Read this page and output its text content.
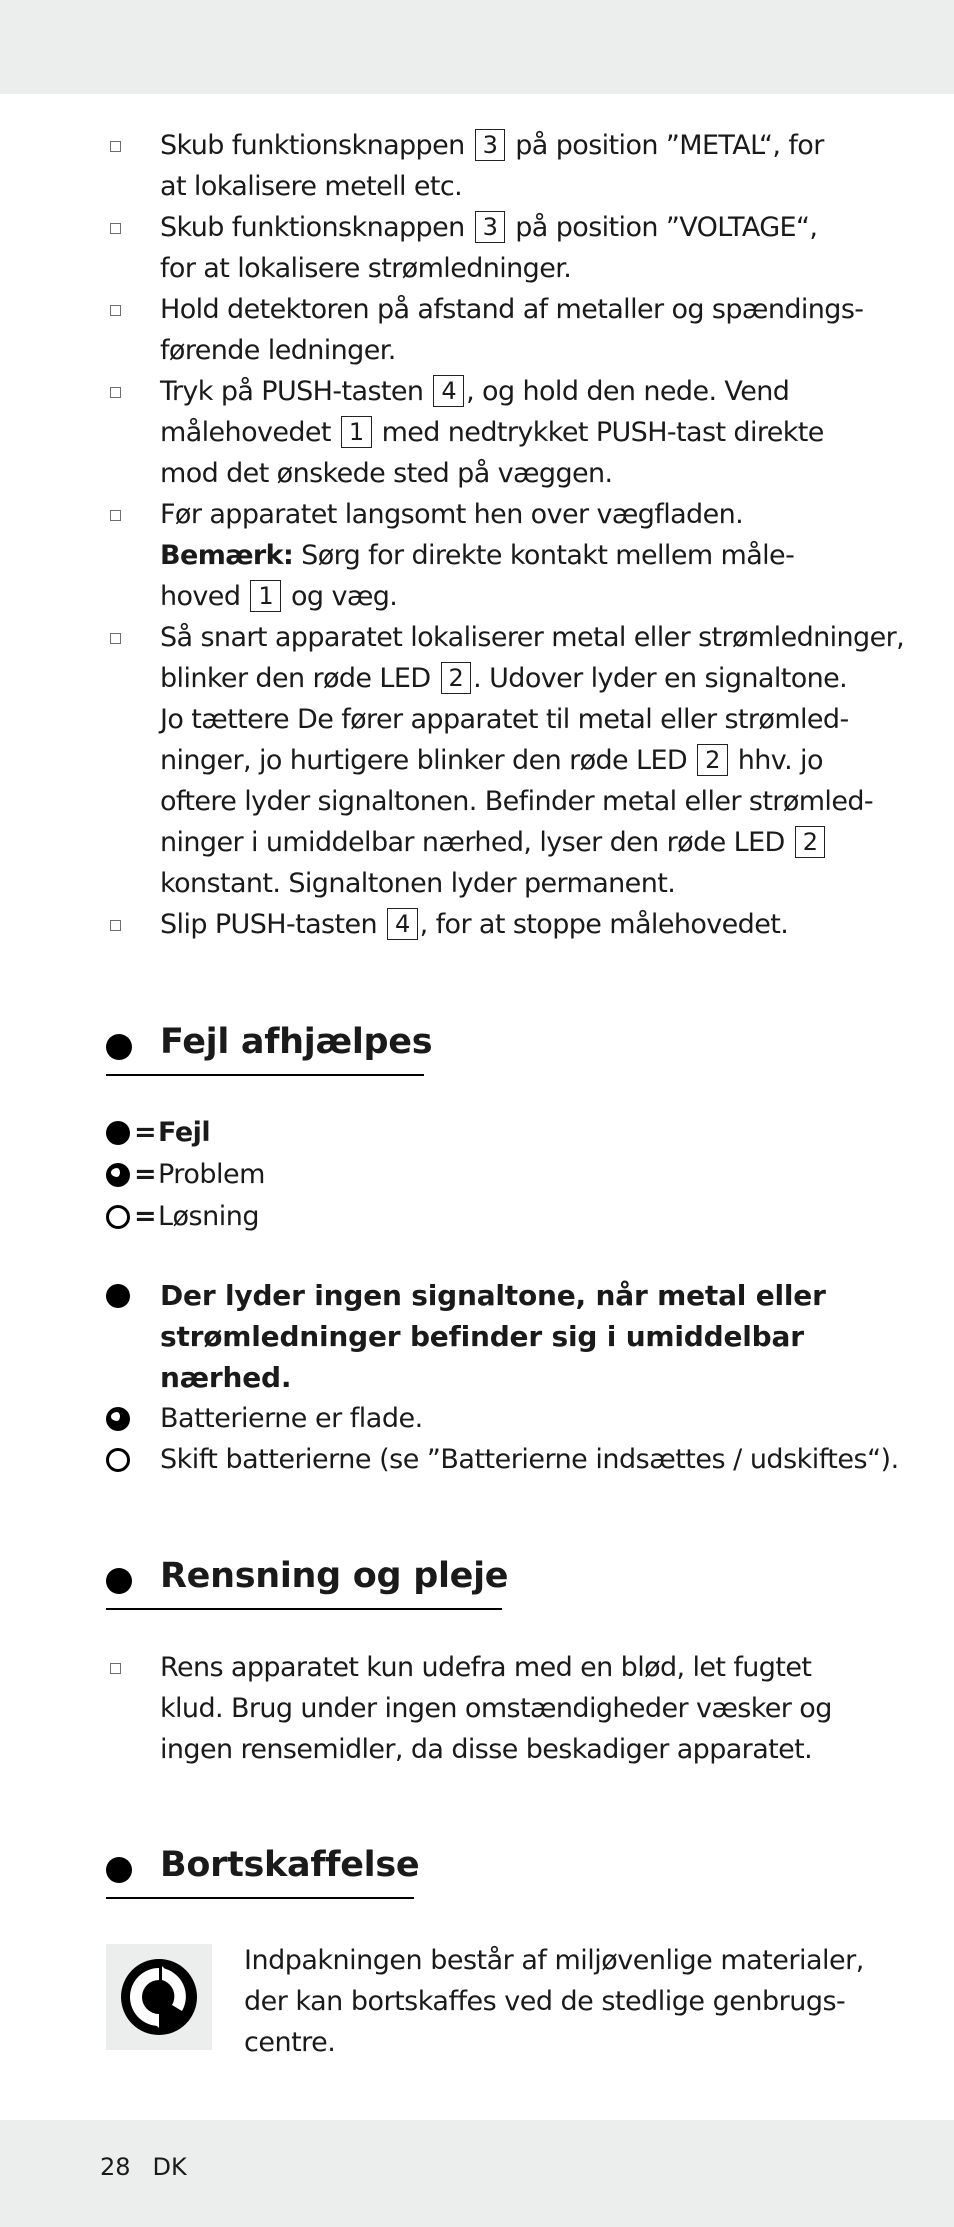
Skub funktionsknappen 3 på position ”METAL“, for
at lokalisere metell etc.
Skub funktionsknappen 3 på position ”VOLTAGE“,
for at lokalisere strømledninger.
Hold detektoren på afstand af metaller og spændings-
førende ledninger.
Tryk på PUSH-tasten 4 , og hold den nede. Vend
målehovedet 1 med nedtrykket PUSH-tast direkte
mod det ønskede sted på væggen.
Før apparatet langsomt hen over vægfladen.
Bemærk: Sørg for direkte kontakt mellem måle-
hoved 1 og væg.
Så snart apparatet lokaliserer metal eller strømledninger,
blinker den røde LED 2 . Udover lyder en signaltone.
Jo tættere De fører apparatet til metal eller strømled-
ninger, jo hurtigere blinker den røde LED 2 hhv. jo
oftere lyder signaltonen. Befinder metal eller strømled-
ninger i umiddelbar nærhed, lyser den røde LED 2
konstant. Signaltonen lyder permanent.
Slip PUSH-tasten 4 , for at stoppe målehovedet.
Fejl afhjælpes
= Fejl
= Problem
= Løsning
Der lyder ingen signaltone, når metal eller
strømledninger befinder sig i umiddelbar
nærhed.
Batterierne er flade.
Skift batterierne (se ”Batterierne indsættes / udskiftes“).
Rensning og pleje
Rens apparatet kun udefra med en blød, let fugtet
klud. Brug under ingen omstændigheder væsker og
ingen rensemidler, da disse beskadiger apparatet.
Bortskaffelse
Indpakningen består af miljøvenlige materialer,
der kan bortskaffes ved de stedlige genbrugs-
centre.
28 DK
